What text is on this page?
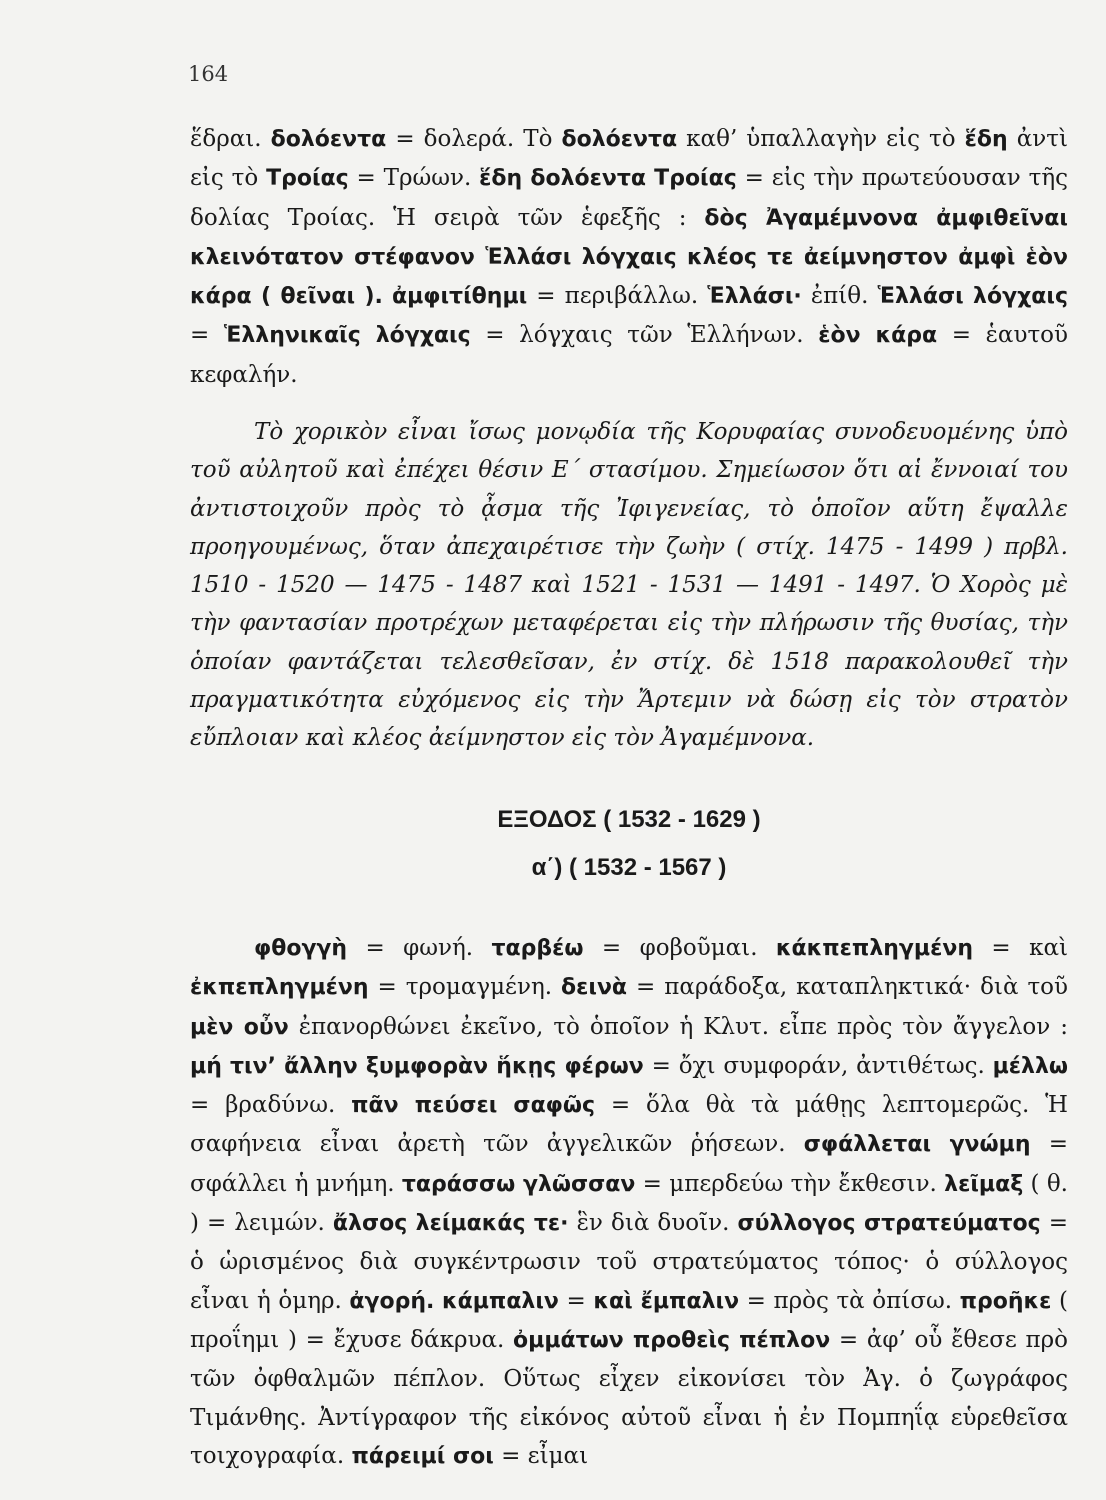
164

ἕδραι. δολόεντα = δολερά. Τὸ δολόεντα καθ’ ὑπαλλαγὴν εἰς τὸ ἕδη ἀντὶ εἰς τὸ Τροίας = Τρώων. ἕδη δολόεντα Τροίας = εἰς τὴν πρωτεύουσαν τῆς δολίας Τροίας. Ἡ σειρὰ τῶν ἑφεξῆς : δὸς Ἀγαμέμνονα ἀμφιθεῖναι κλεινότατον στέφανον Ἑλλάσι λόγχαις κλέος τε ἀείμνηστον ἀμφὶ ἑὸν κάρα ( θεῖναι ). ἀμφιτίθημι = περιβάλλω. Ἑλλάσι· ἐπίθ. Ἑλλάσι λόγχαις = Ἑλληνικαῖς λόγχαις = λόγχαις τῶν Ἑλλήνων. ἑὸν κάρα = ἑαυτοῦ κεφαλήν.

Τὸ χορικὸν εἶναι ἴσως μονῳδία τῆς Κορυφαίας συνοδευομένης ὑπὸ τοῦ αὐλητοῦ καὶ ἐπέχει θέσιν Ε΄ στασίμου. Σημείωσον ὅτι αἱ ἔννοιαί του ἀντιστοιχοῦν πρὸς τὸ ᾆσμα τῆς Ἰφιγενείας, τὸ ὁποῖον αὕτη ἔψαλλε προηγουμένως, ὅταν ἀπεχαιρέτισε τὴν ζωὴν ( στίχ. 1475 - 1499 ) πρβλ. 1510 - 1520 — 1475 - 1487 καὶ 1521 - 1531 — 1491 - 1497. Ὁ Χορὸς μὲ τὴν φαντασίαν προτρέχων μεταφέρεται εἰς τὴν πλήρωσιν τῆς θυσίας, τὴν ὁποίαν φαντάζεται τελεσθεῖσαν, ἐν στίχ. δὲ 1518 παρακολουθεῖ τὴν πραγματικότητα εὐχόμενος εἰς τὴν Ἄρτεμιν νὰ δώσῃ εἰς τὸν στρατὸν εὔπλοιαν καὶ κλέος ἀείμνηστον εἰς τὸν Ἀγαμέμνονα.

ΕΞΟΔΟΣ ( 1532 - 1629 )
α΄) ( 1532 - 1567 )

φθογγὴ = φωνή. ταρβέω = φοβοῦμαι. κάκπεπληγμένη = καὶ ἐκπεπληγμένη = τρομαγμένη. δεινὰ = παράδοξα, καταπληκτικά· διὰ τοῦ μὲν οὖν ἐπανορθώνει ἐκεῖνο, τὸ ὁποῖον ἡ Κλυτ. εἶπε πρὸς τὸν ἄγγελον : μή τιν’ ἄλλην ξυμφορὰν ἥκῃς φέρων = ὄχι συμφοράν, ἀντιθέτως. μέλλω = βραδύνω. πᾶν πεύσει σαφῶς = ὅλα θὰ τὰ μάθῃς λεπτομερῶς. Ἡ σαφήνεια εἶναι ἀρετὴ τῶν ἀγγελικῶν ῥήσεων. σφάλλεται γνώμη = σφάλλει ἡ μνήμη. ταράσσω γλῶσσαν = μπερδεύω τὴν ἔκθεσιν. λεῖμαξ ( θ. ) = λειμών. ἄλσος λείμακάς τε· ἓν διὰ δυοῖν. σύλλογος στρατεύματος = ὁ ὡρισμένος διὰ συγκέντρωσιν τοῦ στρατεύματος τόπος· ὁ σύλλογος εἶναι ἡ ὁμηρ. ἀγορή. κάμπαλιν = καὶ ἔμπαλιν = πρὸς τὰ ὀπίσω. προῆκε ( προΐημι ) = ἔχυσε δάκρυα. ὀμμάτων προθεὶς πέπλον = ἀφ’ οὗ ἔθεσε πρὸ τῶν ὀφθαλμῶν πέπλον. Οὕτως εἶχεν εἰκονίσει τὸν Ἀγ. ὁ ζωγράφος Τιμάνθης. Ἀντίγραφον τῆς εἰκόνος αὐτοῦ εἶναι ἡ ἐν Πομπηΐᾳ εὑρεθεῖσα τοιχογραφία. πάρειμί σοι = εἶμαι
